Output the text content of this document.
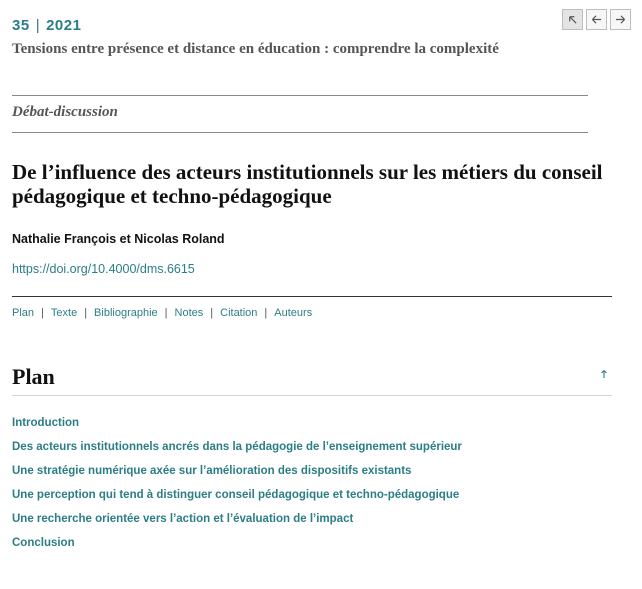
35 | 2021
Tensions entre présence et distance en éducation : comprendre la complexité
Débat-discussion
De l’influence des acteurs institutionnels sur les métiers du conseil pédagogique et techno-pédagogique
Nathalie François et Nicolas Roland
https://doi.org/10.4000/dms.6615
Plan | Texte | Bibliographie | Notes | Citation | Auteurs
Plan
Introduction
Des acteurs institutionnels ancrés dans la pédagogie de l’enseignement supérieur
Une stratégie numérique axée sur l’amélioration des dispositifs existants
Une perception qui tend à distinguer conseil pédagogique et techno-pédagogique
Une recherche orientée vers l’action et l’évaluation de l’impact
Conclusion
